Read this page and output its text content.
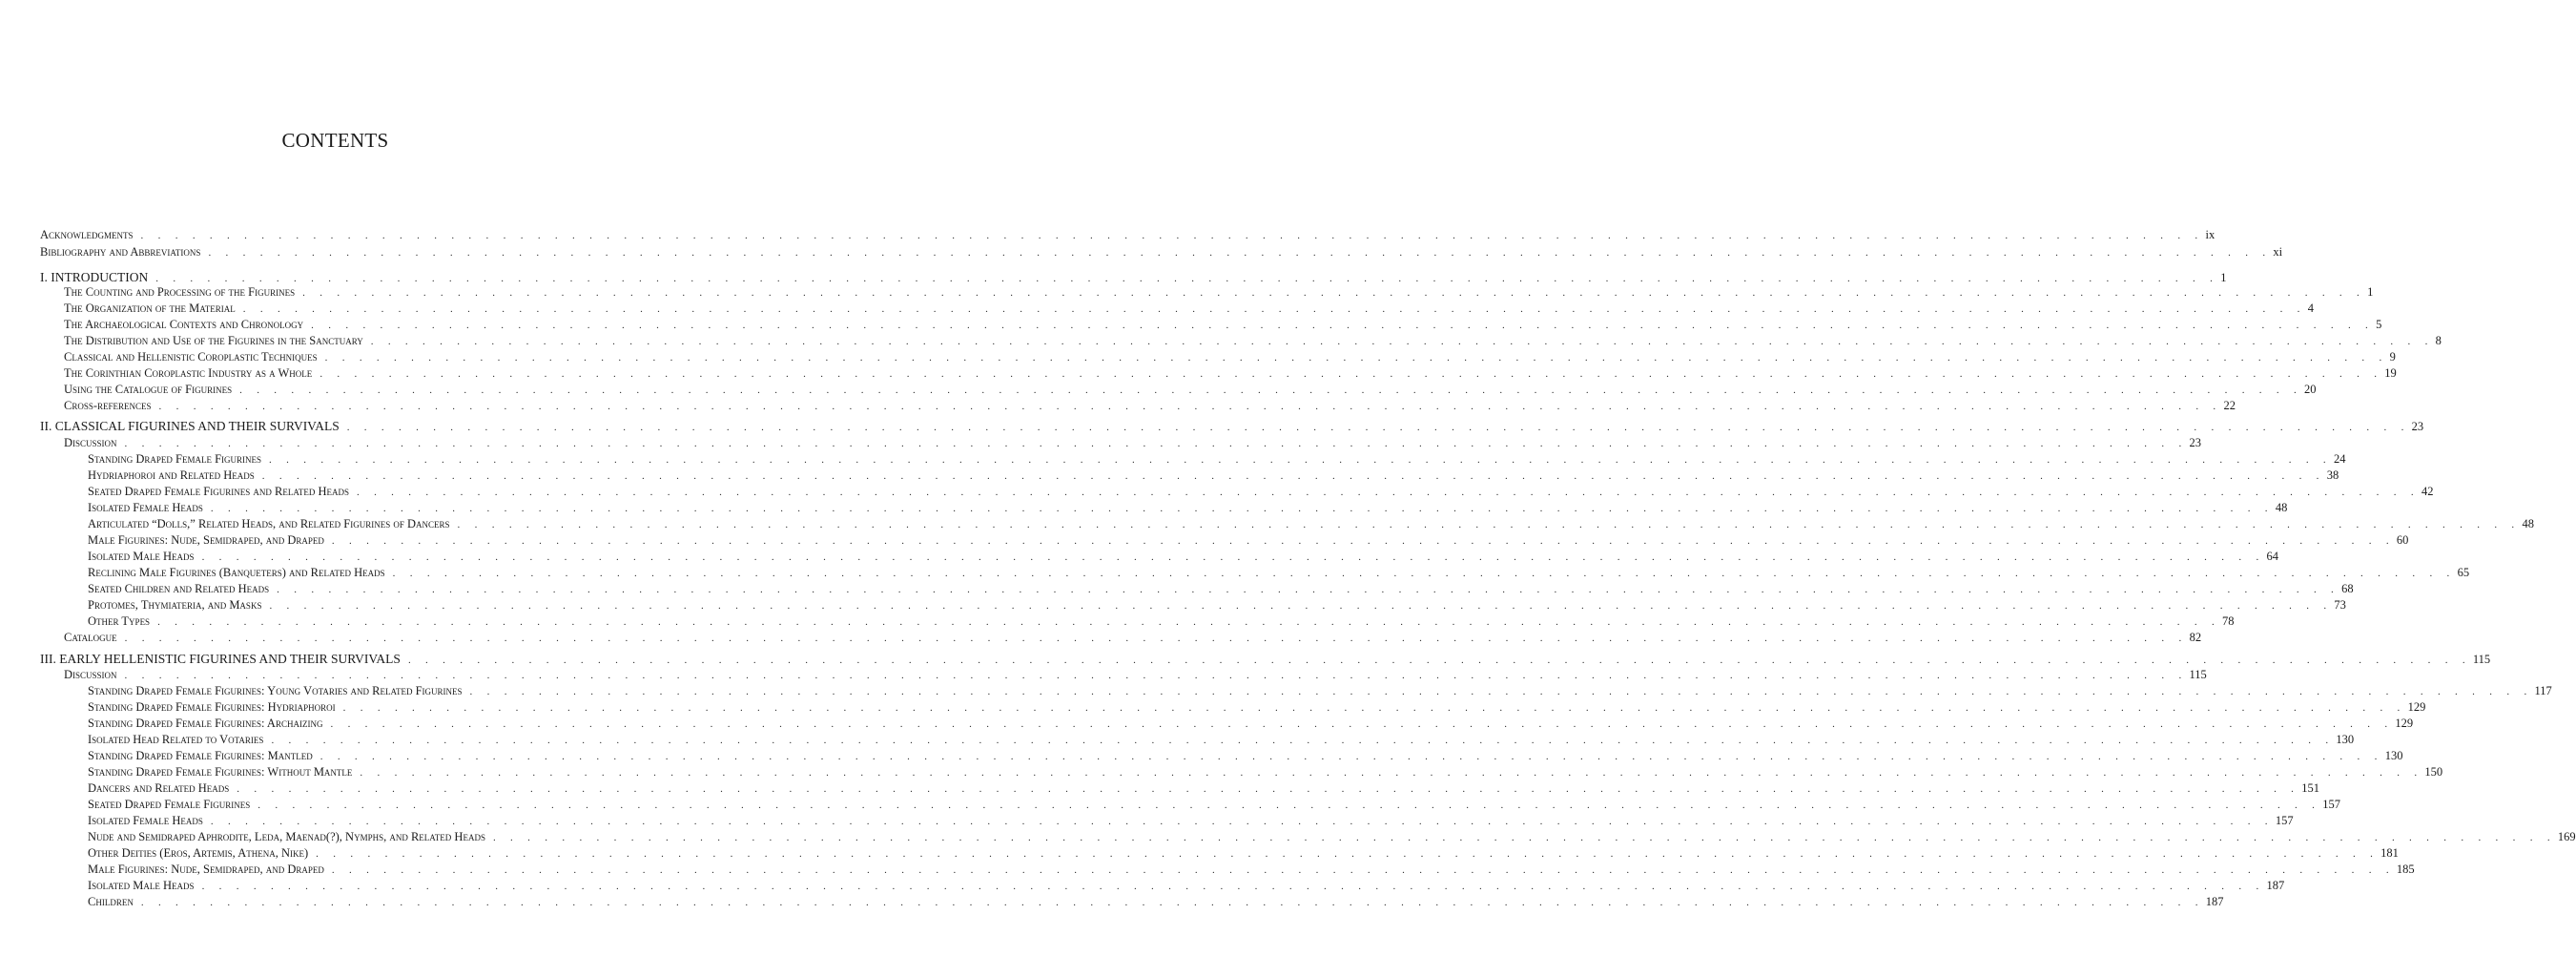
CONTENTS
Acknowledgments . . . . . . . . . . . . . . . . . . . . . . . . . . . . . . . . . . . . . . . . . . . . . . . . . . . . . . . . . . . . . . . . . . . . . . . . . . . . . . . . . . . . . . . . . . . . . . . . . . . . . . . . . . . . . . . . . . . . . . . . ix
Bibliography and Abbreviations . . . . . . . . . . . . . . . . . . . . . . . . . . . . . . . . . . . . . . . . . . . . . . . . . . . . . . . . . . . . . . . . . . . . . . . . . . . . . . . . . . . . . . . . . . . . . . . . . . . . . . . . . . . . . . . . . . . . . . . . xi
I. INTRODUCTION . . . . . . . . . . . . . . . . . . . . . . . . . . . . . . . . . . . . . . . . . . . . . . . . . . . . . . . . . . . . . . . . . . . . . . . . . . . . . . . . . . . . . . . . . . . . . . . . . . . . . . . . . . . . . . . . . . . . . . . . 1
The Counting and Processing of the Figurines . . . . . . . . . . . . . . . . . . . . . . . . . . . . . . . . . . . . . . . . . . . . . . . . . . . . . . . . . . . . . . . . . . . . . . . . . . . . . . . . . . . . . . . . . . . . . . . . . . . . . . . . . . . . . . . . . . . . . . . . 1
The Organization of the Material . . . . . . . . . . . . . . . . . . . . . . . . . . . . . . . . . . . . . . . . . . . . . . . . . . . . . . . . . . . . . . . . . . . . . . . . . . . . . . . . . . . . . . . . . . . . . . . . . . . . . . . . . . . . . . . . . . . . . . . . 4
The Archaeological Contexts and Chronology . . . . . . . . . . . . . . . . . . . . . . . . . . . . . . . . . . . . . . . . . . . . . . . . . . . . . . . . . . . . . . . . . . . . . . . . . . . . . . . . . . . . . . . . . . . . . . . . . . . . . . . . . . . . . . . . . . . . . . . . 5
The Distribution and Use of the Figurines in the Sanctuary . . . . . . . . . . . . . . . . . . . . . . . . . . . . . . . . . . . . . . . . . . . . . . . . . . . . . . . . . . . . . . . . . . . . . . . . . . . . . . . . . . . . . . . . . . . . . . . . . . . . . . . . . . . . . . . . . . . . . . . . 8
Classical and Hellenistic Coroplastic Techniques . . . . . . . . . . . . . . . . . . . . . . . . . . . . . . . . . . . . . . . . . . . . . . . . . . . . . . . . . . . . . . . . . . . . . . . . . . . . . . . . . . . . . . . . . . . . . . . . . . . . . . . . . . . . . . . . . . . . . . . . 9
The Corinthian Coroplastic Industry as a Whole . . . . . . . . . . . . . . . . . . . . . . . . . . . . . . . . . . . . . . . . . . . . . . . . . . . . . . . . . . . . . . . . . . . . . . . . . . . . . . . . . . . . . . . . . . . . . . . . . . . . . . . . . . . . . . . . . . . . . . . . 19
Using the Catalogue of Figurines . . . . . . . . . . . . . . . . . . . . . . . . . . . . . . . . . . . . . . . . . . . . . . . . . . . . . . . . . . . . . . . . . . . . . . . . . . . . . . . . . . . . . . . . . . . . . . . . . . . . . . . . . . . . . . . . . . . . . . . . 20
Cross-references . . . . . . . . . . . . . . . . . . . . . . . . . . . . . . . . . . . . . . . . . . . . . . . . . . . . . . . . . . . . . . . . . . . . . . . . . . . . . . . . . . . . . . . . . . . . . . . . . . . . . . . . . . . . . . . . . . . . . . . . 22
II. CLASSICAL FIGURINES AND THEIR SURVIVALS . . . . . . . . . . . . . . . . . . . . . . . . . . . . . . . . . . . . . . . . . . . . . . . . . . . . . . . . . . . . . . . . . . . . . . . . . . . . . . . . . . . . . . . . . . . . . . . . . . . . . . . . . . . . . . . . . . . . . . . . 23
Discussion . . . . . . . . . . . . . . . . . . . . . . . . . . . . . . . . . . . . . . . . . . . . . . . . . . . . . . . . . . . . . . . . . . . . . . . . . . . . . . . . . . . . . . . . . . . . . . . . . . . . . . . . . . . . . . . . . . . . . . . . 23
Standing Draped Female Figurines . . . . . . . . . . . . . . . . . . . . . . . . . . . . . . . . . . . . . . . . . . . . . . . . . . . . . . . . . . . . . . . . . . . . . . . . . . . . . . . . . . . . . . . . . . . . . . . . . . . . . . . . . . . . . . . . . . . . . . . . 24
Hydriaphoroi and Related Heads . . . . . . . . . . . . . . . . . . . . . . . . . . . . . . . . . . . . . . . . . . . . . . . . . . . . . . . . . . . . . . . . . . . . . . . . . . . . . . . . . . . . . . . . . . . . . . . . . . . . . . . . . . . . . . . . . . . . . . . . 38
Seated Draped Female Figurines and Related Heads . . . . . . . . . . . . . . . . . . . . . . . . . . . . . . . . . . . . . . . . . . . . . . . . . . . . . . . . . . . . . . . . . . . . . . . . . . . . . . . . . . . . . . . . . . . . . . . . . . . . . . . . . . . . . . . . . . . . . . . . 42
Isolated Female Heads . . . . . . . . . . . . . . . . . . . . . . . . . . . . . . . . . . . . . . . . . . . . . . . . . . . . . . . . . . . . . . . . . . . . . . . . . . . . . . . . . . . . . . . . . . . . . . . . . . . . . . . . . . . . . . . . . . . . . . . . 48
Articulated “Dolls,” Related Heads, and Related Figurines of Dancers . . . . . . . . . . . . . . . . . . . . . . . . . . . . . . . . . . . . . . . . . . . . . . . . . . . . . . . . . . . . . . . . . . . . . . . . . . . . . . . . . . . . . . . . . . . . . . . . . . . . . . . . . . . . . . . . . . . . . . . . 48
Male Figurines: Nude, Semidraped, and Draped . . . . . . . . . . . . . . . . . . . . . . . . . . . . . . . . . . . . . . . . . . . . . . . . . . . . . . . . . . . . . . . . . . . . . . . . . . . . . . . . . . . . . . . . . . . . . . . . . . . . . . . . . . . . . . . . . . . . . . . . 60
Isolated Male Heads . . . . . . . . . . . . . . . . . . . . . . . . . . . . . . . . . . . . . . . . . . . . . . . . . . . . . . . . . . . . . . . . . . . . . . . . . . . . . . . . . . . . . . . . . . . . . . . . . . . . . . . . . . . . . . . . . . . . . . . . 64
Reclining Male Figurines (Banqueters) and Related Heads . . . . . . . . . . . . . . . . . . . . . . . . . . . . . . . . . . . . . . . . . . . . . . . . . . . . . . . . . . . . . . . . . . . . . . . . . . . . . . . . . . . . . . . . . . . . . . . . . . . . . . . . . . . . . . . . . . . . . . . . 65
Seated Children and Related Heads . . . . . . . . . . . . . . . . . . . . . . . . . . . . . . . . . . . . . . . . . . . . . . . . . . . . . . . . . . . . . . . . . . . . . . . . . . . . . . . . . . . . . . . . . . . . . . . . . . . . . . . . . . . . . . . . . . . . . . . . 68
Protomes, Thymiateria, and Masks . . . . . . . . . . . . . . . . . . . . . . . . . . . . . . . . . . . . . . . . . . . . . . . . . . . . . . . . . . . . . . . . . . . . . . . . . . . . . . . . . . . . . . . . . . . . . . . . . . . . . . . . . . . . . . . . . . . . . . . . 73
Other Types . . . . . . . . . . . . . . . . . . . . . . . . . . . . . . . . . . . . . . . . . . . . . . . . . . . . . . . . . . . . . . . . . . . . . . . . . . . . . . . . . . . . . . . . . . . . . . . . . . . . . . . . . . . . . . . . . . . . . . . . 78
Catalogue . . . . . . . . . . . . . . . . . . . . . . . . . . . . . . . . . . . . . . . . . . . . . . . . . . . . . . . . . . . . . . . . . . . . . . . . . . . . . . . . . . . . . . . . . . . . . . . . . . . . . . . . . . . . . . . . . . . . . . . . 82
III. EARLY HELLENISTIC FIGURINES AND THEIR SURVIVALS . . . . . . . . . . . . . . . . . . . . . . . . . . . . . . . . . . . . . . . . . . . . . . . . . . . . . . . . . . . . . . . . . . . . . . . . . . . . . . . . . . . . . . . . . . . . . . . . . . . . . . . . . . . . . . . . . . . . . . . . 115
Discussion . . . . . . . . . . . . . . . . . . . . . . . . . . . . . . . . . . . . . . . . . . . . . . . . . . . . . . . . . . . . . . . . . . . . . . . . . . . . . . . . . . . . . . . . . . . . . . . . . . . . . . . . . . . . . . . . . . . . . . . . 115
Standing Draped Female Figurines: Young Votaries and Related Figurines . . . . . . . . . . . . . . . . . . . . . . . . . . . . . . . . . . . . . . . . . . . . . . . . . . . . . . . . . . . . . . . . . . . . . . . . . . . . . . . . . . . . . . . . . . . . . . . . . . . . . . . . . . . . . . . . . . . . . . . . 117
Standing Draped Female Figurines: Hydriaphoroi . . . . . . . . . . . . . . . . . . . . . . . . . . . . . . . . . . . . . . . . . . . . . . . . . . . . . . . . . . . . . . . . . . . . . . . . . . . . . . . . . . . . . . . . . . . . . . . . . . . . . . . . . . . . . . . . . . . . . . . . 129
Standing Draped Female Figurines: Archaizing . . . . . . . . . . . . . . . . . . . . . . . . . . . . . . . . . . . . . . . . . . . . . . . . . . . . . . . . . . . . . . . . . . . . . . . . . . . . . . . . . . . . . . . . . . . . . . . . . . . . . . . . . . . . . . . . . . . . . . . . 129
Isolated Head Related to Votaries . . . . . . . . . . . . . . . . . . . . . . . . . . . . . . . . . . . . . . . . . . . . . . . . . . . . . . . . . . . . . . . . . . . . . . . . . . . . . . . . . . . . . . . . . . . . . . . . . . . . . . . . . . . . . . . . . . . . . . . . 130
Standing Draped Female Figurines: Mantled . . . . . . . . . . . . . . . . . . . . . . . . . . . . . . . . . . . . . . . . . . . . . . . . . . . . . . . . . . . . . . . . . . . . . . . . . . . . . . . . . . . . . . . . . . . . . . . . . . . . . . . . . . . . . . . . . . . . . . . . 130
Standing Draped Female Figurines: Without Mantle . . . . . . . . . . . . . . . . . . . . . . . . . . . . . . . . . . . . . . . . . . . . . . . . . . . . . . . . . . . . . . . . . . . . . . . . . . . . . . . . . . . . . . . . . . . . . . . . . . . . . . . . . . . . . . . . . . . . . . . . 150
Dancers and Related Heads . . . . . . . . . . . . . . . . . . . . . . . . . . . . . . . . . . . . . . . . . . . . . . . . . . . . . . . . . . . . . . . . . . . . . . . . . . . . . . . . . . . . . . . . . . . . . . . . . . . . . . . . . . . . . . . . . . . . . . . . 151
Seated Draped Female Figurines . . . . . . . . . . . . . . . . . . . . . . . . . . . . . . . . . . . . . . . . . . . . . . . . . . . . . . . . . . . . . . . . . . . . . . . . . . . . . . . . . . . . . . . . . . . . . . . . . . . . . . . . . . . . . . . . . . . . . . . . 157
Isolated Female Heads . . . . . . . . . . . . . . . . . . . . . . . . . . . . . . . . . . . . . . . . . . . . . . . . . . . . . . . . . . . . . . . . . . . . . . . . . . . . . . . . . . . . . . . . . . . . . . . . . . . . . . . . . . . . . . . . . . . . . . . . 157
Nude and Semidraped Aphrodite, Leda, Maenad(?), Nymphs, and Related Heads . . . . . . . . . . . . . . . . . . . . . . . . . . . . . . . . . . . . . . . . . . . . . . . . . . . . . . . . . . . . . . . . . . . . . . . . . . . . . . . . . . . . . . . . . . . . . . . . . . . . . . . . . . . . . . . . . . . . . . . . 169
Other Deities (Eros, Artemis, Athena, Nike) . . . . . . . . . . . . . . . . . . . . . . . . . . . . . . . . . . . . . . . . . . . . . . . . . . . . . . . . . . . . . . . . . . . . . . . . . . . . . . . . . . . . . . . . . . . . . . . . . . . . . . . . . . . . . . . . . . . . . . . . 181
Male Figurines: Nude, Semidraped, and Draped . . . . . . . . . . . . . . . . . . . . . . . . . . . . . . . . . . . . . . . . . . . . . . . . . . . . . . . . . . . . . . . . . . . . . . . . . . . . . . . . . . . . . . . . . . . . . . . . . . . . . . . . . . . . . . . . . . . . . . . . 185
Isolated Male Heads . . . . . . . . . . . . . . . . . . . . . . . . . . . . . . . . . . . . . . . . . . . . . . . . . . . . . . . . . . . . . . . . . . . . . . . . . . . . . . . . . . . . . . . . . . . . . . . . . . . . . . . . . . . . . . . . . . . . . . . . 187
Children . . . . . . . . . . . . . . . . . . . . . . . . . . . . . . . . . . . . . . . . . . . . . . . . . . . . . . . . . . . . . . . . . . . . . . . . . . . . . . . . . . . . . . . . . . . . . . . . . . . . . . . . . . . . . . . . . . . . . . . . 187
